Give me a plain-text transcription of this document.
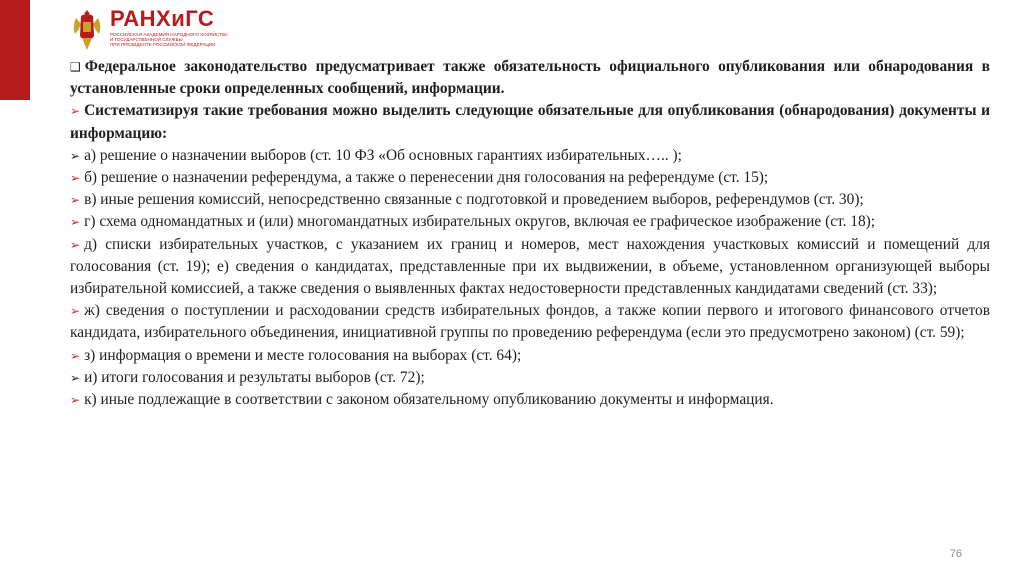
РАНХиГС
РОССИЙСКАЯ АКАДЕМИЯ НАРОДНОГО ХОЗЯЙСТВА
И ГОСУДАРСТВЕННОЙ СЛУЖБЫ
ПРИ ПРЕЗИДЕНТЕ РОССИЙСКОЙ ФЕДЕРАЦИИ

❑ Федеральное законодательство предусматривает также обязательность официального опубликования или обнародования в установленные сроки определенных сообщений, информации.

➢ Систематизируя такие требования можно выделить следующие обязательные для опубликования (обнародования) документы и информацию:

➢ а) решение о назначении выборов (ст. 10 ФЗ «Об основных гарантиях избирательных….. );

➢ б) решение о назначении референдума, а также о перенесении дня голосования на референдуме (ст. 15);

➢ в) иные решения комиссий, непосредственно связанные с подготовкой и проведением выборов, референдумов (ст. 30);

➢ г) схема одномандатных и (или) многомандатных избирательных округов, включая ее графическое изображение (ст. 18);

➢ д) списки избирательных участков, с указанием их границ и номеров, мест нахождения участковых комиссий и помещений для голосования (ст. 19); е) сведения о кандидатах, представленные при их выдвижении, в объеме, установленном организующей выборы избирательной комиссией, а также сведения о выявленных фактах недостоверности представленных кандидатами сведений (ст. 33);

➢ ж) сведения о поступлении и расходовании средств избирательных фондов, а также копии первого и итогового финансового отчетов кандидата, избирательного объединения, инициативной группы по проведению референдума (если это предусмотрено законом) (ст. 59);

➢ з) информация о времени и месте голосования на выборах (ст. 64);

➢ и) итоги голосования и результаты выборов (ст. 72);

➢ к) иные подлежащие в соответствии с законом обязательному опубликованию документы и информация.

76
